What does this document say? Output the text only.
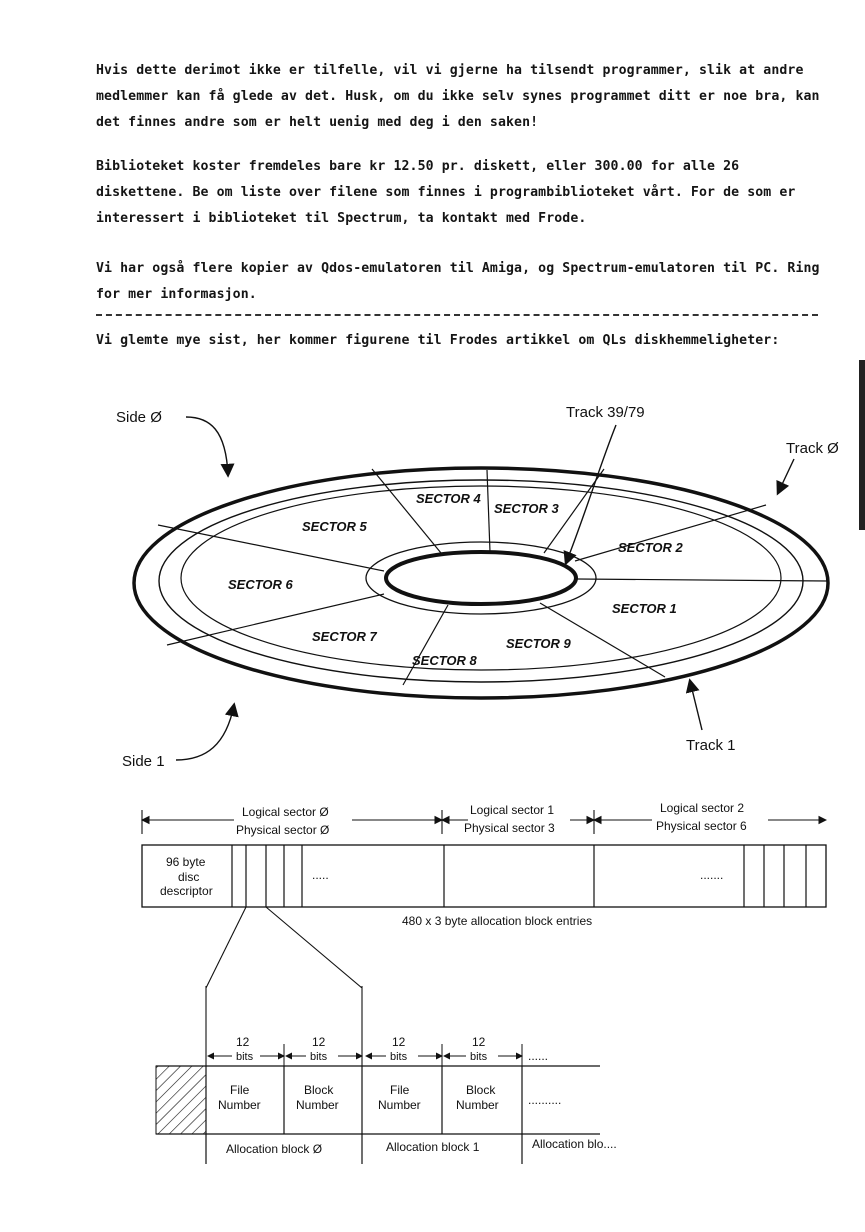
Hvis dette derimot ikke er tilfelle, vil vi gjerne ha tilsendt programmer, slik at andre medlemmer kan få glede av det. Husk, om du ikke selv synes programmet ditt er noe bra, kan det finnes andre som er helt uenig med deg i den saken!
Biblioteket koster fremdeles bare kr 12.50 pr. diskett, eller 300.00 for alle 26 diskettene. Be om liste over filene som finnes i programbiblioteket vårt. For de som er interessert i biblioteket til Spectrum, ta kontakt med Frode.
Vi har også flere kopier av Qdos-emulatoren til Amiga, og Spectrum-emulatoren til PC. Ring for mer informasjon.
Vi glemte mye sist, her kommer figurene til Frodes artikkel om QLs diskhemmeligheter:
SECTOR 1
SECTOR 2
SECTOR 3
SECTOR 4
SECTOR 5
SECTOR 6
SECTOR 7
SECTOR 8
SECTOR 9
Side Ø	Track 39/79
Track Ø
Track 1
Side 1
Logical sector Ø
Physical sector Ø
Logical sector 1
Physical sector 3
Logical sector 2
Physical sector 6
96 byte
disc
descriptor
.....	.......
480 x 3 byte allocation block entries
12
bits
12
bits
12
bits
12
bits	......
File
Number
Block
Number
File
Number
Block
Number ..........
Allocation block Ø	Allocation block 1	Allocation blo....
